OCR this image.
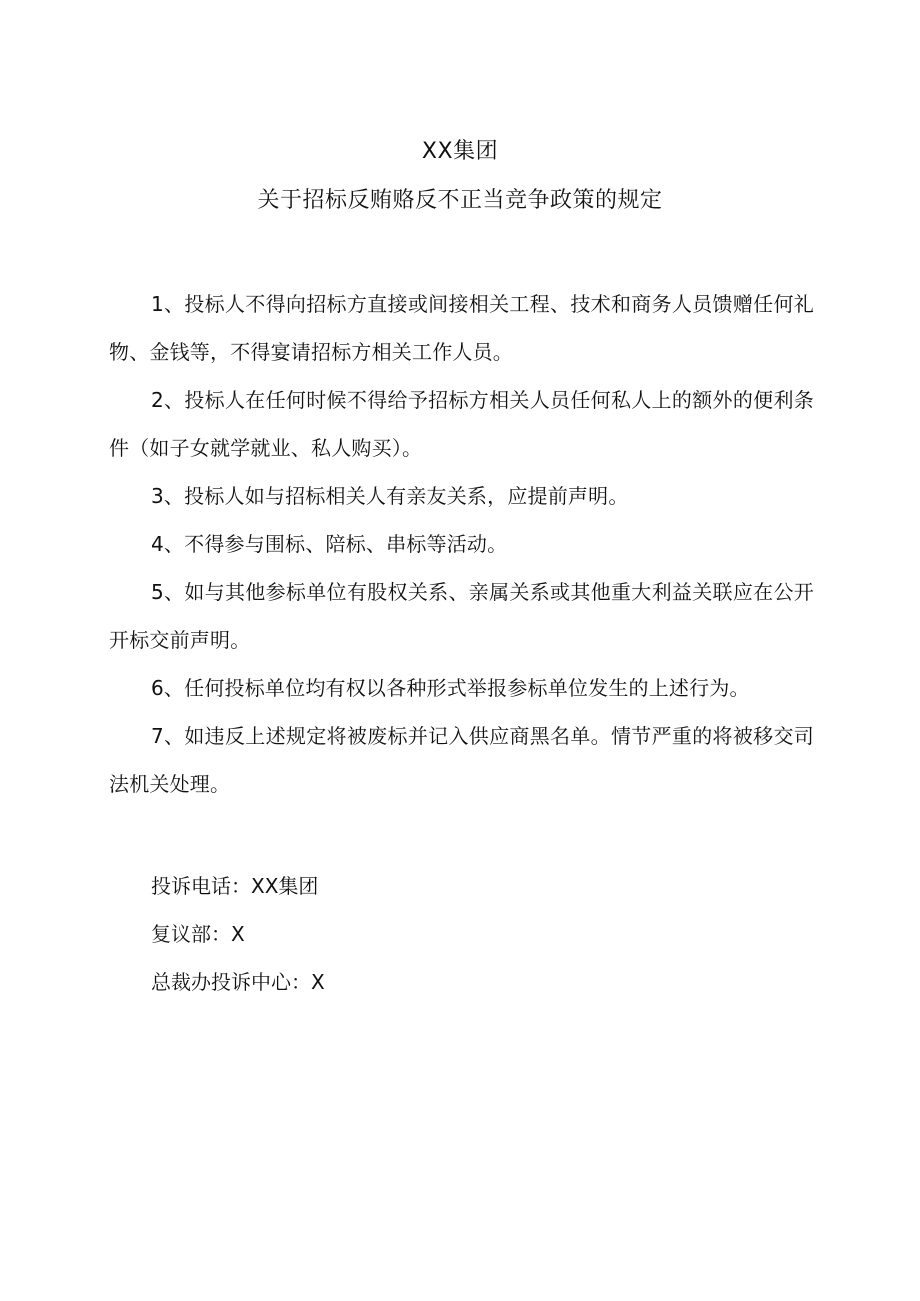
XX集团
关于招标反贿赂反不正当竞争政策的规定

1、投标人不得向招标方直接或间接相关工程、技术和商务人员馈赠任何礼物、金钱等，不得宴请招标方相关工作人员。

2、投标人在任何时候不得给予招标方相关人员任何私人上的额外的便利条件（如子女就学就业、私人购买）。

3、投标人如与招标相关人有亲友关系，应提前声明。

4、不得参与围标、陪标、串标等活动。

5、如与其他参标单位有股权关系、亲属关系或其他重大利益关联应在公开开标交前声明。

6、任何投标单位均有权以各种形式举报参标单位发生的上述行为。

7、如违反上述规定将被废标并记入供应商黑名单。情节严重的将被移交司法机关处理。

投诉电话：XX集团

复议部：X

总裁办投诉中心：X
